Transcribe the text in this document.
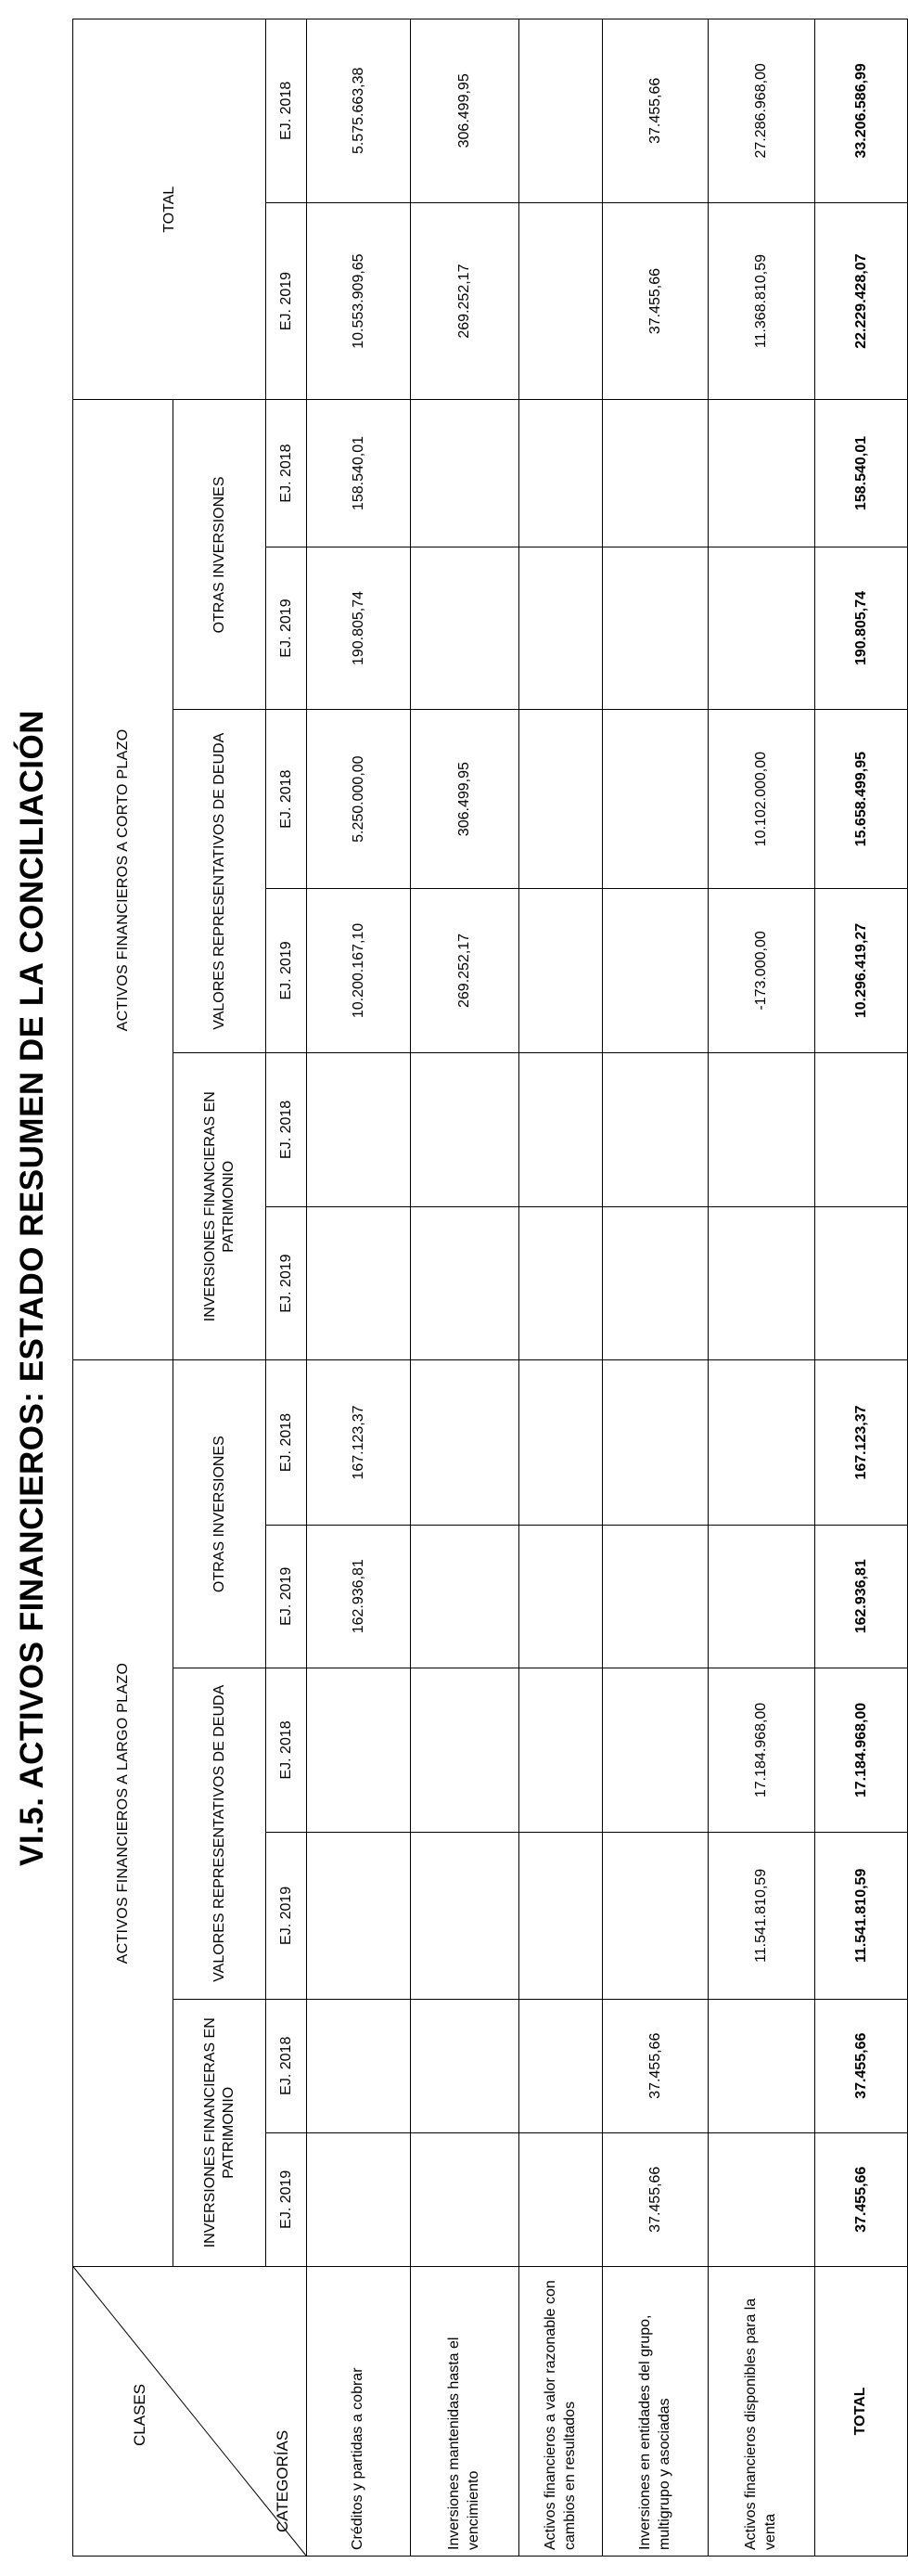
VI.5. ACTIVOS FINANCIEROS: ESTADO RESUMEN DE LA CONCILIACIÓN
CLASES
CATEGORÍAS	ACTIVOS FINANCIEROS A LARGO PLAZO						ACTIVOS FINANCIEROS A CORTO PLAZO						TOTAL	
	INVERSIONES FINANCIERAS EN PATRIMONIO		VALORES REPRESENTATIVOS DE DEUDA		OTRAS INVERSIONES		INVERSIONES FINANCIERAS EN PATRIMONIO		VALORES REPRESENTATIVOS DE DEUDA		OTRAS INVERSIONES			
	EJ. 2019	EJ. 2018	EJ. 2019	EJ. 2018	EJ. 2019	EJ. 2018	EJ. 2019	EJ. 2018	EJ. 2019	EJ. 2018	EJ. 2019	EJ. 2018	EJ. 2019	EJ. 2018
Créditos y partidas a cobrar					162.936,81	167.123,37			10.200.167,10	5.250.000,00	190.805,74	158.540,01	10.553.909,65	5.575.663,38
Inversiones mantenidas hasta el vencimiento									269.252,17	306.499,95			269.252,17	306.499,95
Activos financieros a valor razonable con cambios en resultados														
Inversiones en entidades del grupo, multigrupo y asociadas	37.455,66	37.455,66											37.455,66	37.455,66
Activos financieros disponibles para la venta			11.541.810,59	17.184.968,00					-173.000,00	10.102.000,00			11.368.810,59	27.286.968,00
TOTAL	37.455,66	37.455,66	11.541.810,59	17.184.968,00	162.936,81	167.123,37			10.296.419,27	15.658.499,95	190.805,74	158.540,01	22.229.428,07	33.206.586,99
